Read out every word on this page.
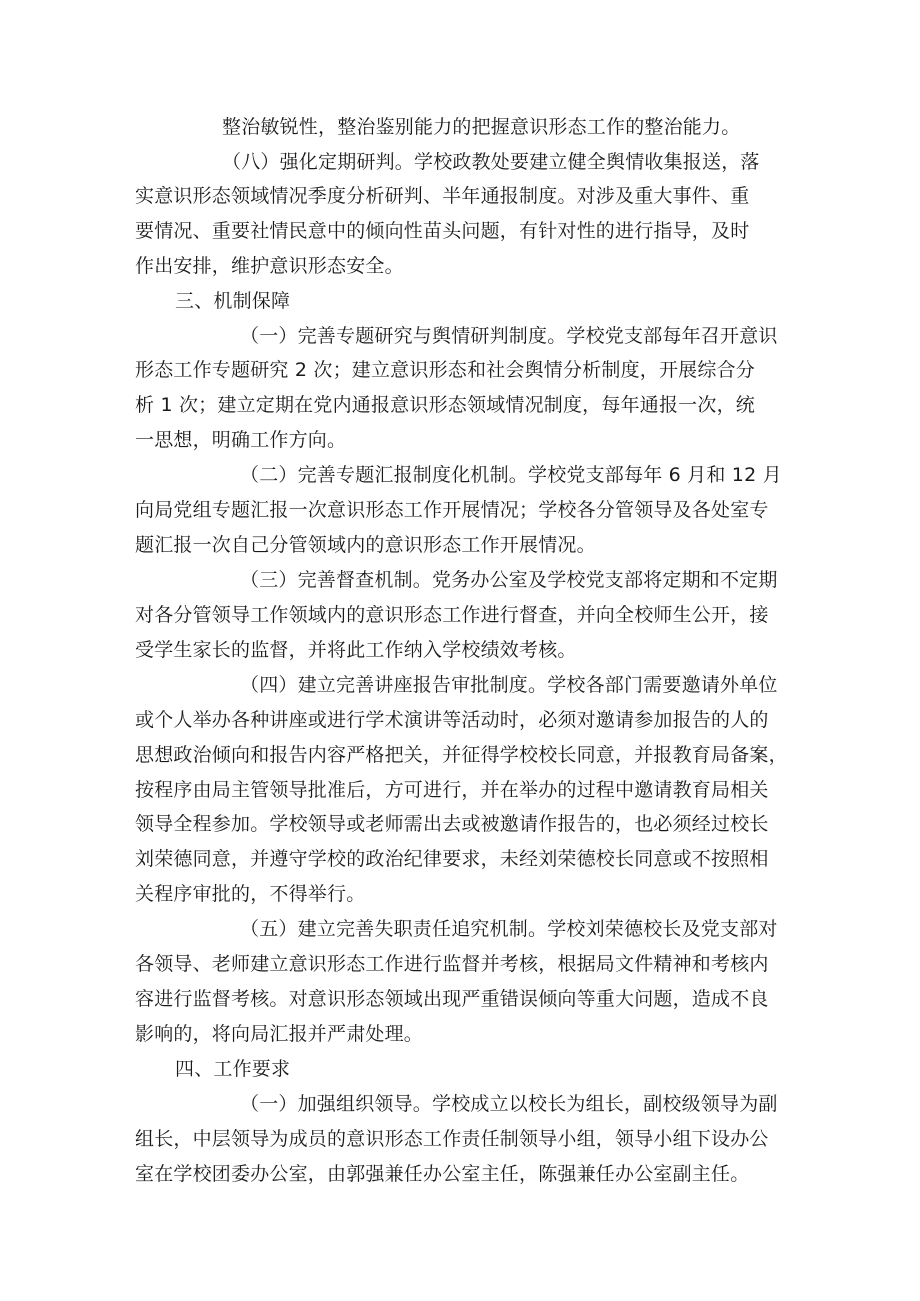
整治敏锐性，整治鉴别能力的把握意识形态工作的整治能力。
（八）强化定期研判。学校政教处要建立健全舆情收集报送，落
实意识形态领域情况季度分析研判、半年通报制度。对涉及重大事件、重
要情况、重要社情民意中的倾向性苗头问题，有针对性的进行指导，及时
作出安排，维护意识形态安全。
三、机制保障
（一）完善专题研究与舆情研判制度。学校党支部每年召开意识
形态工作专题研究 2 次；建立意识形态和社会舆情分析制度，开展综合分
析 1 次；建立定期在党内通报意识形态领域情况制度，每年通报一次，统
一思想，明确工作方向。
（二）完善专题汇报制度化机制。学校党支部每年 6 月和 12 月
向局党组专题汇报一次意识形态工作开展情况；学校各分管领导及各处室专
题汇报一次自己分管领域内的意识形态工作开展情况。
（三）完善督查机制。党务办公室及学校党支部将定期和不定期
对各分管领导工作领域内的意识形态工作进行督查，并向全校师生公开，接
受学生家长的监督，并将此工作纳入学校绩效考核。
（四）建立完善讲座报告审批制度。学校各部门需要邀请外单位
或个人举办各种讲座或进行学术演讲等活动时，必须对邀请参加报告的人的
思想政治倾向和报告内容严格把关，并征得学校校长同意，并报教育局备案，
按程序由局主管领导批准后，方可进行，并在举办的过程中邀请教育局相关
领导全程参加。学校领导或老师需出去或被邀请作报告的，也必须经过校长
刘荣德同意，并遵守学校的政治纪律要求，未经刘荣德校长同意或不按照相
关程序审批的，不得举行。
（五）建立完善失职责任追究机制。学校刘荣德校长及党支部对
各领导、老师建立意识形态工作进行监督并考核，根据局文件精神和考核内
容进行监督考核。对意识形态领域出现严重错误倾向等重大问题，造成不良
影响的，将向局汇报并严肃处理。
四、工作要求
（一）加强组织领导。学校成立以校长为组长，副校级领导为副
组长，中层领导为成员的意识形态工作责任制领导小组，领导小组下设办公
室在学校团委办公室，由郭强兼任办公室主任，陈强兼任办公室副主任。
